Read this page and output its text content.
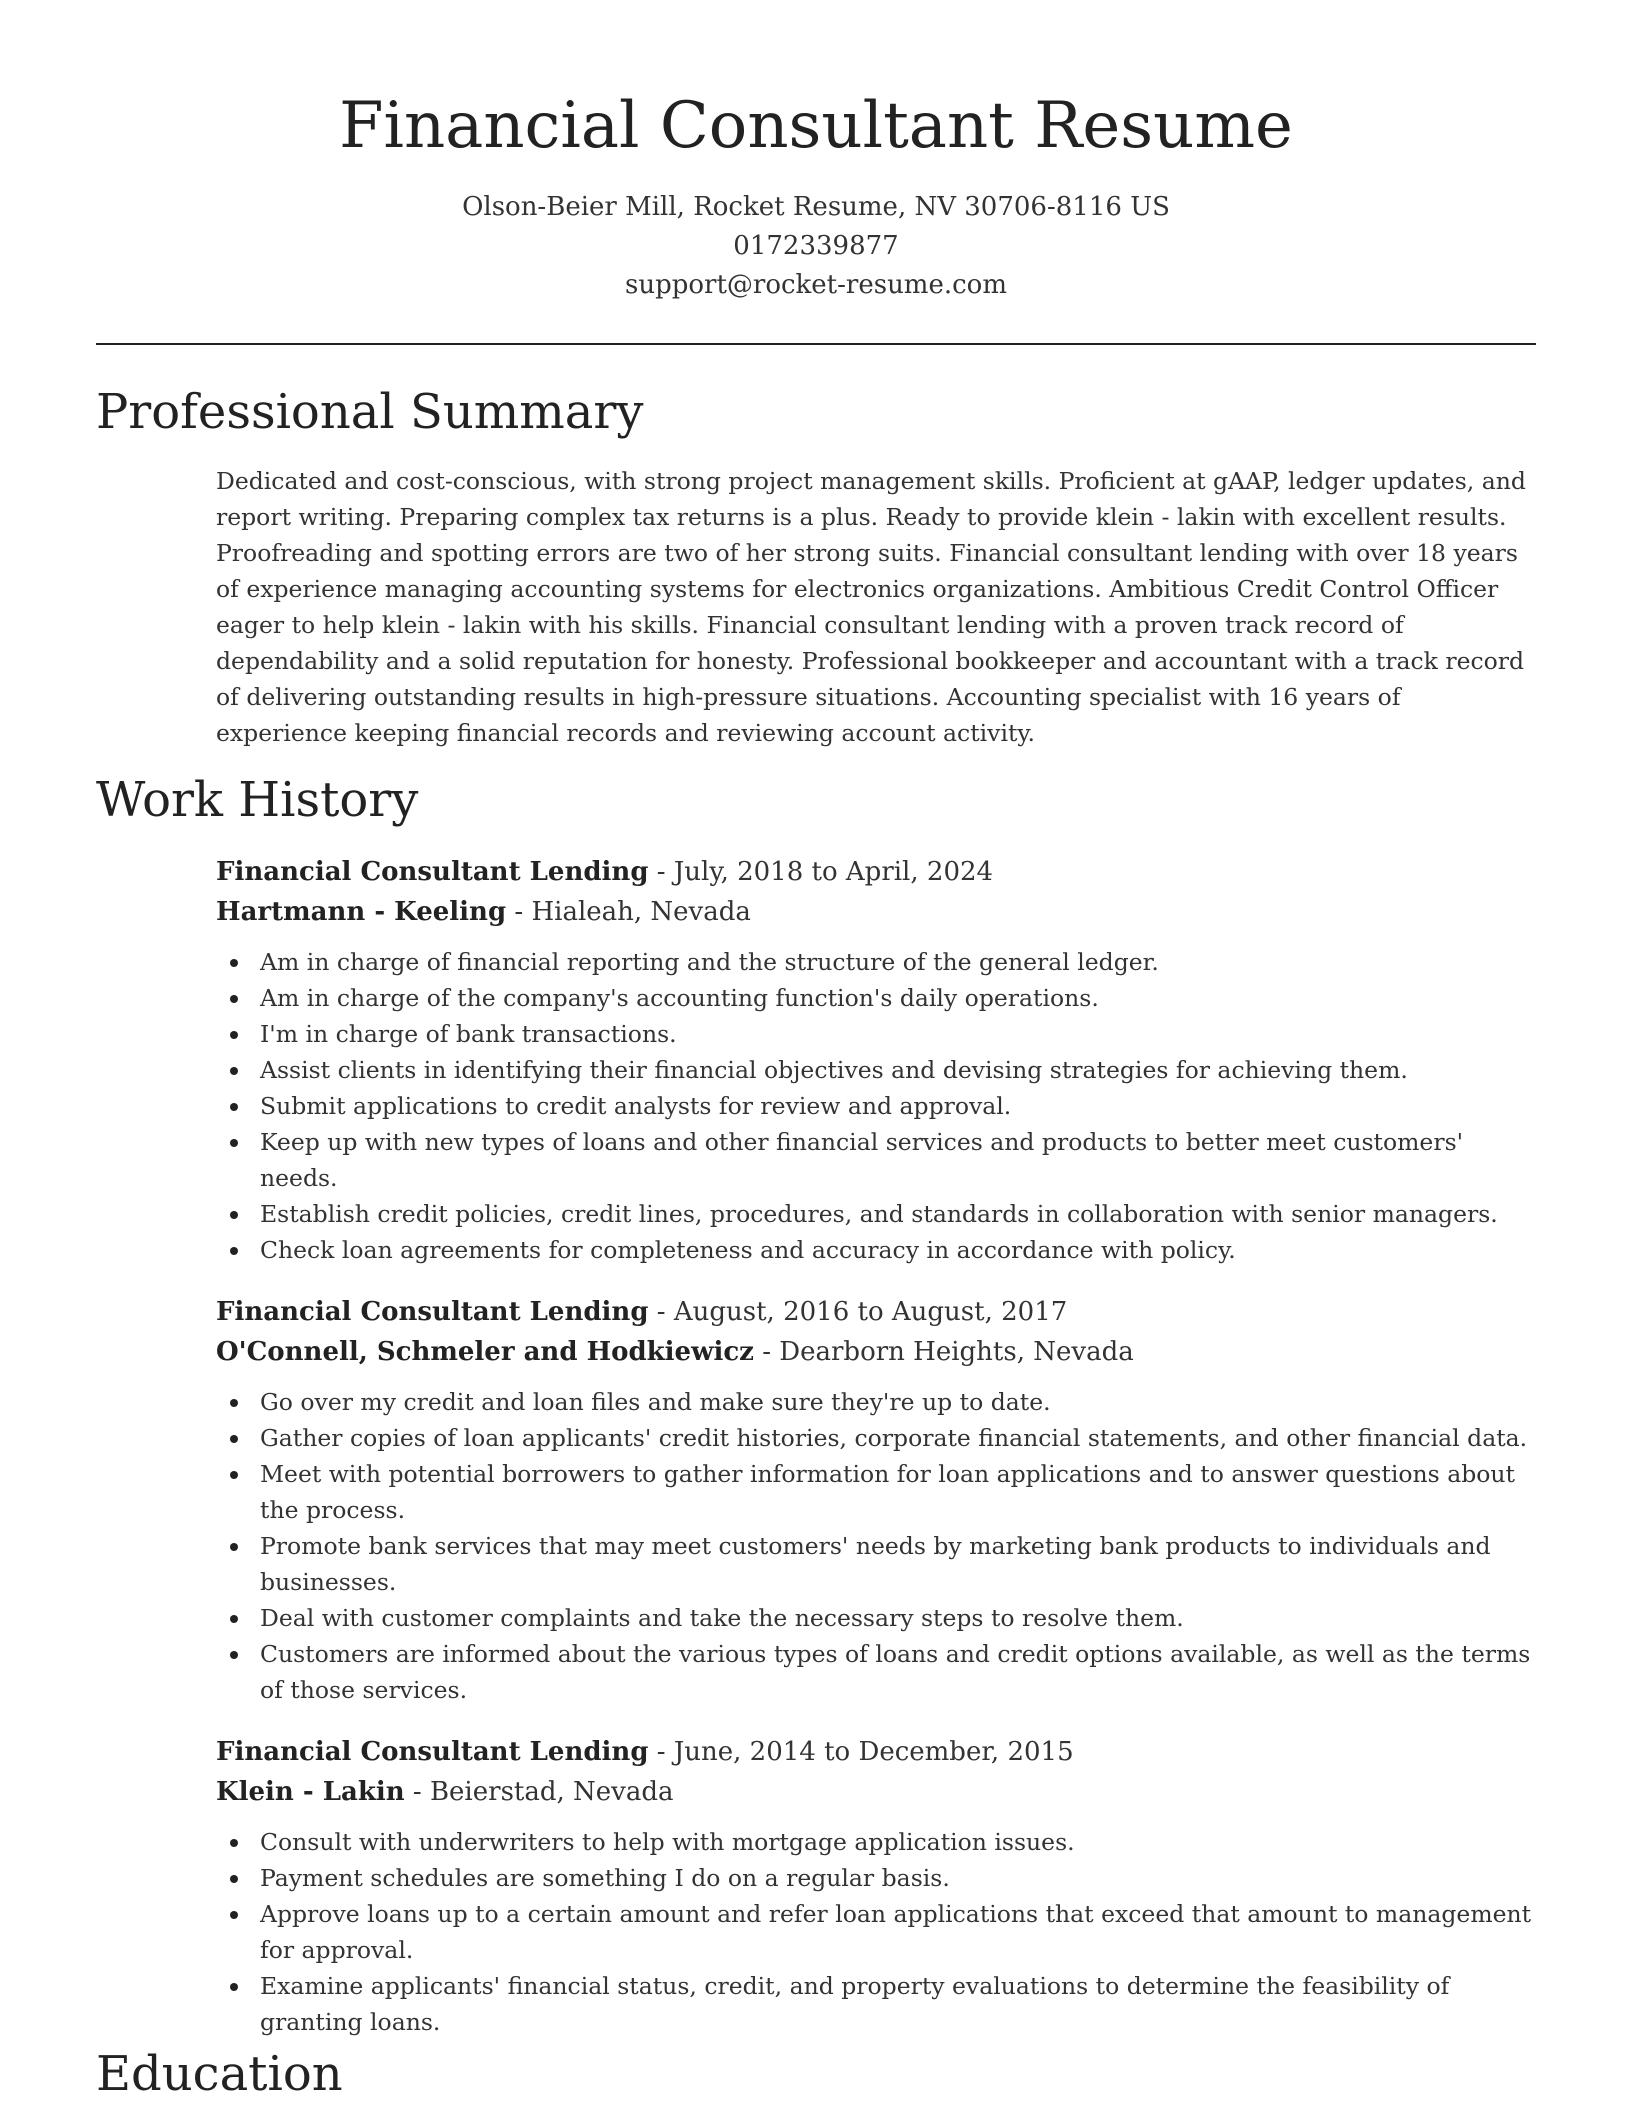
Financial Consultant Resume
Olson-Beier Mill, Rocket Resume, NV 30706-8116 US
0172339877
support@rocket-resume.com
Professional Summary

Dedicated and cost-conscious, with strong project management skills. Proficient at gAAP, ledger updates, and report writing. Preparing complex tax returns is a plus. Ready to provide klein - lakin with excellent results. Proofreading and spotting errors are two of her strong suits. Financial consultant lending with over 18 years of experience managing accounting systems for electronics organizations. Ambitious Credit Control Officer eager to help klein - lakin with his skills. Financial consultant lending with a proven track record of dependability and a solid reputation for honesty. Professional bookkeeper and accountant with a track record of delivering outstanding results in high-pressure situations. Accounting specialist with 16 years of experience keeping financial records and reviewing account activity.

Work History
Financial Consultant Lending - July, 2018 to April, 2024
Hartmann - Keeling - Hialeah, Nevada
Am in charge of financial reporting and the structure of the general ledger.
Am in charge of the company's accounting function's daily operations.
I'm in charge of bank transactions.
Assist clients in identifying their financial objectives and devising strategies for achieving them.
Submit applications to credit analysts for review and approval.
Keep up with new types of loans and other financial services and products to better meet customers' needs.
Establish credit policies, credit lines, procedures, and standards in collaboration with senior managers.
Check loan agreements for completeness and accuracy in accordance with policy.
Financial Consultant Lending - August, 2016 to August, 2017
O'Connell, Schmeler and Hodkiewicz - Dearborn Heights, Nevada
Go over my credit and loan files and make sure they're up to date.
Gather copies of loan applicants' credit histories, corporate financial statements, and other financial data.
Meet with potential borrowers to gather information for loan applications and to answer questions about the process.
Promote bank services that may meet customers' needs by marketing bank products to individuals and businesses.
Deal with customer complaints and take the necessary steps to resolve them.
Customers are informed about the various types of loans and credit options available, as well as the terms of those services.
Financial Consultant Lending - June, 2014 to December, 2015
Klein - Lakin - Beierstad, Nevada
Consult with underwriters to help with mortgage application issues.
Payment schedules are something I do on a regular basis.
Approve loans up to a certain amount and refer loan applications that exceed that amount to management for approval.
Examine applicants' financial status, credit, and property evaluations to determine the feasibility of granting loans.
Education
